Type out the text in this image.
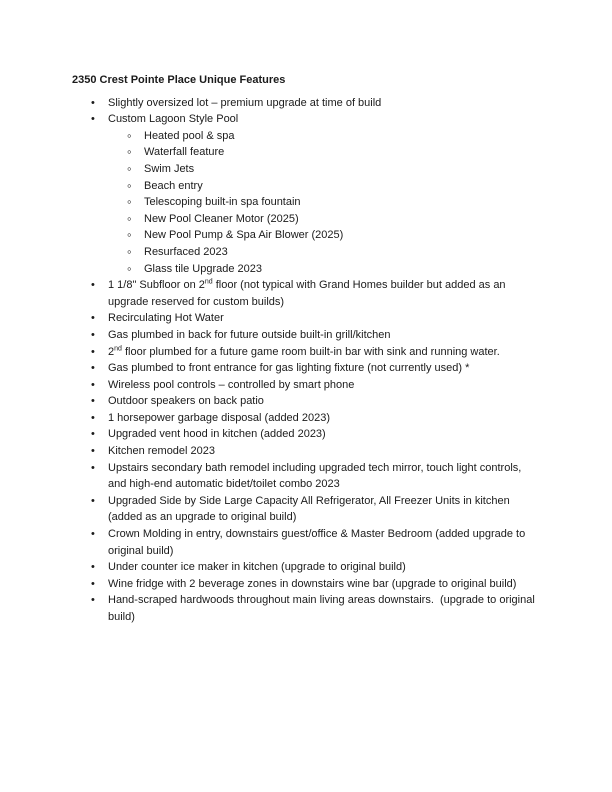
2350 Crest Pointe Place Unique Features
•	Slightly oversized lot – premium upgrade at time of build
•	Custom Lagoon Style Pool
◦	Heated pool & spa
◦	Waterfall feature
◦	Swim Jets
◦	Beach entry
◦	Telescoping built-in spa fountain
◦	New Pool Cleaner Motor (2025)
◦	New Pool Pump & Spa Air Blower (2025)
◦	Resurfaced 2023
◦	Glass tile Upgrade 2023
•	1 1/8" Subfloor on 2nd floor (not typical with Grand Homes builder but added as an upgrade reserved for custom builds)
•	Recirculating Hot Water
•	Gas plumbed in back for future outside built-in grill/kitchen
•	2nd floor plumbed for a future game room built-in bar with sink and running water.
•	Gas plumbed to front entrance for gas lighting fixture (not currently used) *
•	Wireless pool controls – controlled by smart phone
•	Outdoor speakers on back patio
•	1 horsepower garbage disposal (added 2023)
•	Upgraded vent hood in kitchen (added 2023)
•	Kitchen remodel 2023
•	Upstairs secondary bath remodel including upgraded tech mirror, touch light controls, and high-end automatic bidet/toilet combo 2023
•	Upgraded Side by Side Large Capacity All Refrigerator, All Freezer Units in kitchen (added as an upgrade to original build)
•	Crown Molding in entry, downstairs guest/office & Master Bedroom (added upgrade to original build)
•	Under counter ice maker in kitchen (upgrade to original build)
•	Wine fridge with 2 beverage zones in downstairs wine bar (upgrade to original build)
•	Hand-scraped hardwoods throughout main living areas downstairs.  (upgrade to original build)
